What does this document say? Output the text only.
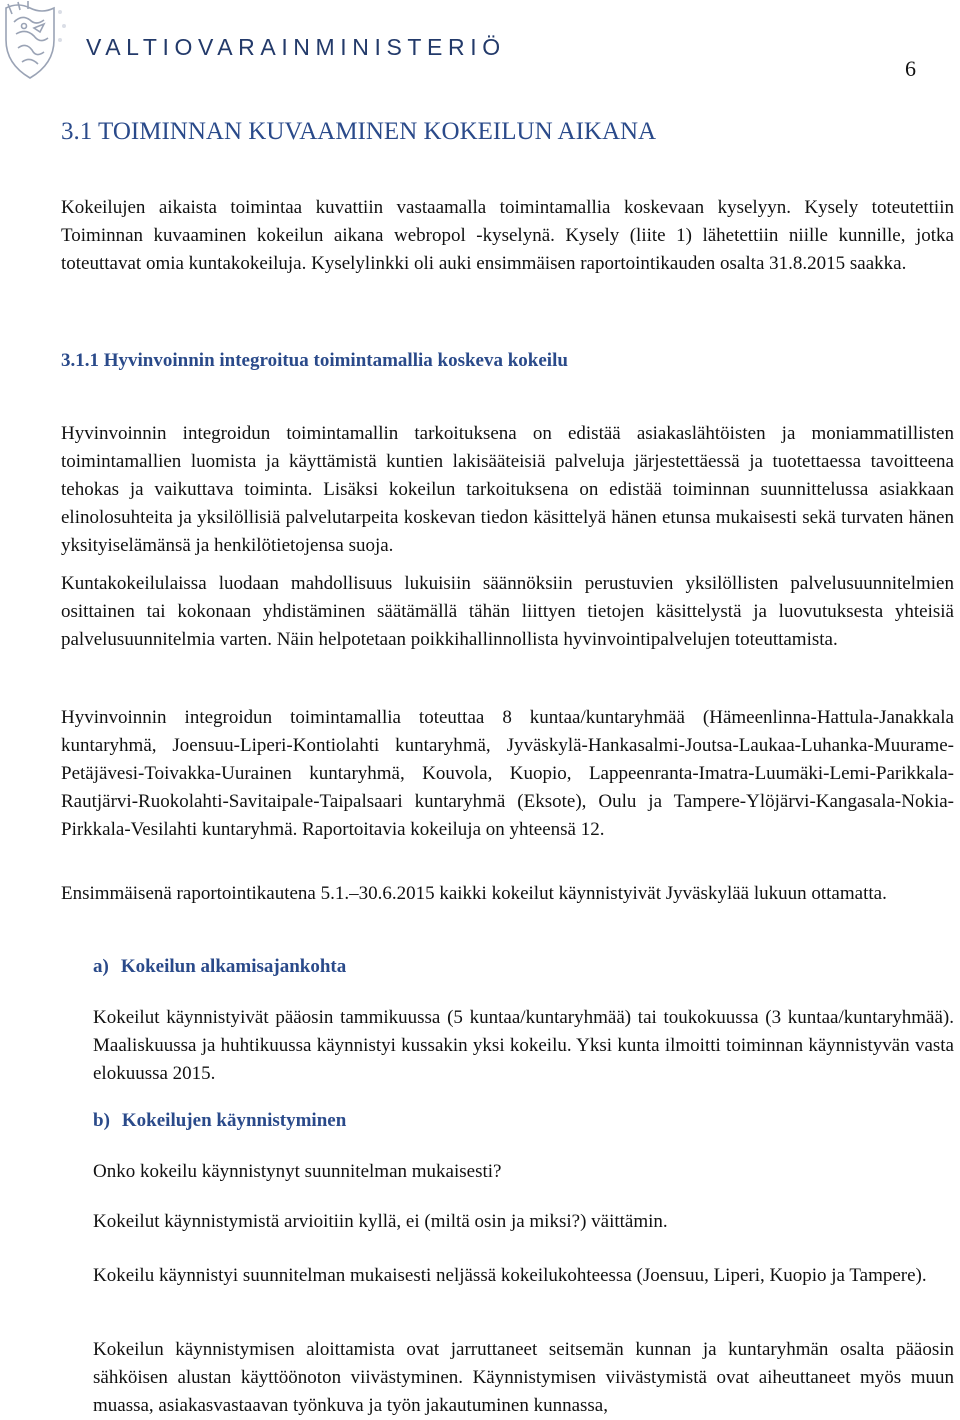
VALTIOVARAINMINISTERIÖ
6
3.1 TOIMINNAN KUVAAMINEN KOKEILUN AIKANA
Kokeilujen aikaista toimintaa kuvattiin vastaamalla toimintamallia koskevaan kyselyyn. Kysely toteutettiin Toiminnan kuvaaminen kokeilun aikana webropol -kyselynä. Kysely (liite 1) lähetettiin niille kunnille, jotka toteuttavat omia kuntakokeiluja. Kyselylinkki oli auki ensimmäisen raportointikauden osalta 31.8.2015 saakka.
3.1.1 Hyvinvoinnin integroitua toimintamallia koskeva kokeilu
Hyvinvoinnin integroidun toimintamallin tarkoituksena on edistää asiakaslähtöisten ja moniammatillisten toimintamallien luomista ja käyttämistä kuntien lakisääteisiä palveluja järjestettäessä ja tuotettaessa tavoitteena tehokas ja vaikuttava toiminta. Lisäksi kokeilun tarkoituksena on edistää toiminnan suunnittelussa asiakkaan elinolosuhteita ja yksilöllisiä palvelutarpeita koskevan tiedon käsittelyä hänen etunsa mukaisesti sekä turvaten hänen yksityiselämänsä ja henkilötietojensa suoja.
Kuntakokeilulaissa luodaan mahdollisuus lukuisiin säännöksiin perustuvien yksilöllisten palvelusuunnitelmien osittainen tai kokonaan yhdistäminen säätämällä tähän liittyen tietojen käsittelystä ja luovutuksesta yhteisiä palvelusuunnitelmia varten. Näin helpotetaan poikkihallinnollista hyvinvointipalvelujen toteuttamista.
Hyvinvoinnin integroidun toimintamallia toteuttaa 8 kuntaa/kuntaryhmää (Hämeenlinna-Hattula-Janakkala kuntaryhmä, Joensuu-Liperi-Kontiolahti kuntaryhmä, Jyväskylä-Hankasalmi-Joutsa-Laukaa-Luhanka-Muurame-Petäjävesi-Toivakka-Uurainen kuntaryhmä, Kouvola, Kuopio, Lappeenranta-Imatra-Luumäki-Lemi-Parikkala-Rautjärvi-Ruokolahti-Savitaipale-Taipalsaari kuntaryhmä (Eksote), Oulu ja Tampere-Ylöjärvi-Kangasala-Nokia-Pirkkala-Vesilahti kuntaryhmä. Raportoitavia kokeiluja on yhteensä 12.
Ensimmäisenä raportointikautena 5.1.–30.6.2015 kaikki kokeilut käynnistyivät Jyväskylää lukuun ottamatta.
a) Kokeilun alkamisajankohta
Kokeilut käynnistyivät pääosin tammikuussa (5 kuntaa/kuntaryhmää) tai toukokuussa (3 kuntaa/kuntaryhmää). Maaliskuussa ja huhtikuussa käynnistyi kussakin yksi kokeilu. Yksi kunta ilmoitti toiminnan käynnistyvän vasta elokuussa 2015.
b) Kokeilujen käynnistyminen
Onko kokeilu käynnistynyt suunnitelman mukaisesti?
Kokeilut käynnistymistä arvioitiin kyllä, ei (miltä osin ja miksi?) väittämin.
Kokeilu käynnistyi suunnitelman mukaisesti neljässä kokeilukohteessa (Joensuu, Liperi, Kuopio ja Tampere).
Kokeilun käynnistymisen aloittamista ovat jarruttaneet seitsemän kunnan ja kuntaryhmän osalta pääosin sähköisen alustan käyttöönoton viivästyminen. Käynnistymisen viivästymistä ovat aiheuttaneet myös muun muassa, asiakasvastaavan työnkuva ja työn jakautuminen kunnassa,
